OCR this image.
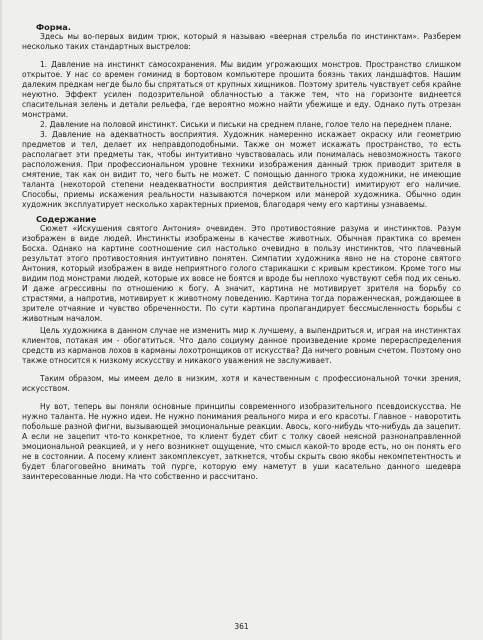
Форма.

Здесь мы во-первых видим трюк, который я называю «веерная стрельба по инстинктам». Разберем несколько таких стандартных выстрелов:

1. Давление на инстинкт самосохранения. Мы видим угрожающих монстров. Пространство слишком открытое. У нас со времен гоминид в бортовом компьютере прошита боязнь таких ландшафтов. Нашим далеким предкам негде было бы спрятаться от крупных хищников. Поэтому зритель чувствует себя крайне неуютно. Эффект усилен подозрительной облачностью а также тем, что на горизонте виднеется спасительная зелень и детали рельефа, где вероятно можно найти убежище и еду. Однако путь отрезан монстрами.

2. Давление на половой инстинкт. Сиськи и письки на среднем плане, голое тело на переднем плане.

3. Давление на адекватность восприятия. Художник намеренно искажает окраску или геометрию предметов и тел, делает их неправдоподобными. Также он может искажать пространство, то есть располагает эти предметы так, чтобы интуитивно чувствовалась или понималась невозможность такого расположения. При профессиональном уровне техники изображения данный трюк приводит зрителя в смятение, так как он видит то, чего быть не может. С помощью данного трюка художники, не имеющие таланта (некоторой степени неадекватности восприятия действительности) имитируют его наличие. Способы, приемы искажения реальности называются почерком или манерой художника. Обычно один художник эксплуатирует несколько характерных приемов, благодаря чему его картины узнаваемы.

Содержание

Сюжет «Искушения святого Антония» очевиден. Это противостояние разума и инстинктов. Разум изображен в виде людей. Инстинкты изображены в качестве животных. Обычная практика со времен Босха. Однако на картине соотношение сил настолько очевидно в пользу инстинктов, что плачевный результат этого противостояния интуитивно понятен. Симпатии художника явно не на стороне святого Антония, который изображен в виде неприятного голого старикашки с кривым крестиком. Кроме того мы видим под монстрами людей, которые их вовсе не боятся и вроде бы неплохо чувствуют себя под их сенью. И даже агрессивны по отношению к богу. А значит, картина не мотивирует зрителя на борьбу со страстями, а напротив, мотивирует к животному поведению. Картина тогда пораженческая, рождающее в зрителе отчаяние и чувство обреченности. По сути картина пропагандирует бессмысленность борьбы с животным началом.

Цель художника в данном случае не изменить мир к лучшему, а выпендриться и, играя на инстинктах клиентов, потакая им - обогатиться. Что дало социуму данное произведение кроме перераспределения средств из карманов лохов в карманы лохотронщиков от искусства? Да ничего ровным счетом. Поэтому оно также относится к низкому искусству и никакого уважения не заслуживает.

Таким образом, мы имеем дело в низким, хотя и качественным с профессиональной точки зрения, искусством.

Ну вот, теперь вы поняли основные принципы современного изобразительного псевдоискусства. Не нужно таланта. Не нужно идеи. Не нужно понимания реального мира и его красоты. Главное - наворотить побольше разной фигни, вызывающей эмоциональные реакции. Авось, кого-нибудь что-нибудь да зацепит. А если не зацепит что-то конкретное, то клиент будет сбит с толку своей неясной разнонаправленной эмоциональной реакцией, и у него возникнет ощущение, что смысл какой-то вроде есть, но он понять его не в состоянии. А посему клиент закомплексует, заткнется, чтобы скрыть свою якобы некомпетентность и будет благоговейно внимать той пурге, которую ему наметут в уши касательно данного шедевра заинтересованные люди. На что собственно и рассчитано.

361
